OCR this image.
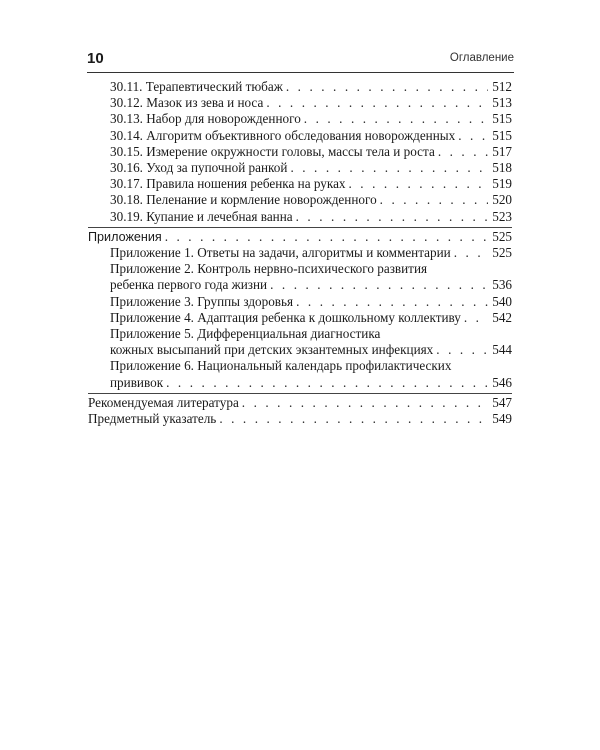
10	Оглавление
30.11. Терапевтический тюбаж . . .	512
30.12. Мазок из зева и носа . . .	513
30.13. Набор для новорожденного . . .	515
30.14. Алгоритм объективного обследования новорожденных . . .	515
30.15. Измерение окружности головы, массы тела и роста . . .	517
30.16. Уход за пупочной ранкой . . .	518
30.17. Правила ношения ребенка на руках . . .	519
30.18. Пеленание и кормление новорожденного . . .	520
30.19. Купание и лечебная ванна . . .	523
Приложения . . .	525
Приложение 1. Ответы на задачи, алгоритмы и комментарии . . .	525
Приложение 2. Контроль нервно-психического развития
ребенка первого года жизни . . .	536
Приложение 3. Группы здоровья . . .	540
Приложение 4. Адаптация ребенка к дошкольному коллективу . . . 542
Приложение 5. Дифференциальная диагностика
кожных высыпаний при детских экзантемных инфекциях . . .	544
Приложение 6. Национальный календарь профилактических
прививок . . .	546
Рекомендуемая литература . . .	547
Предметный указатель . . .	549
